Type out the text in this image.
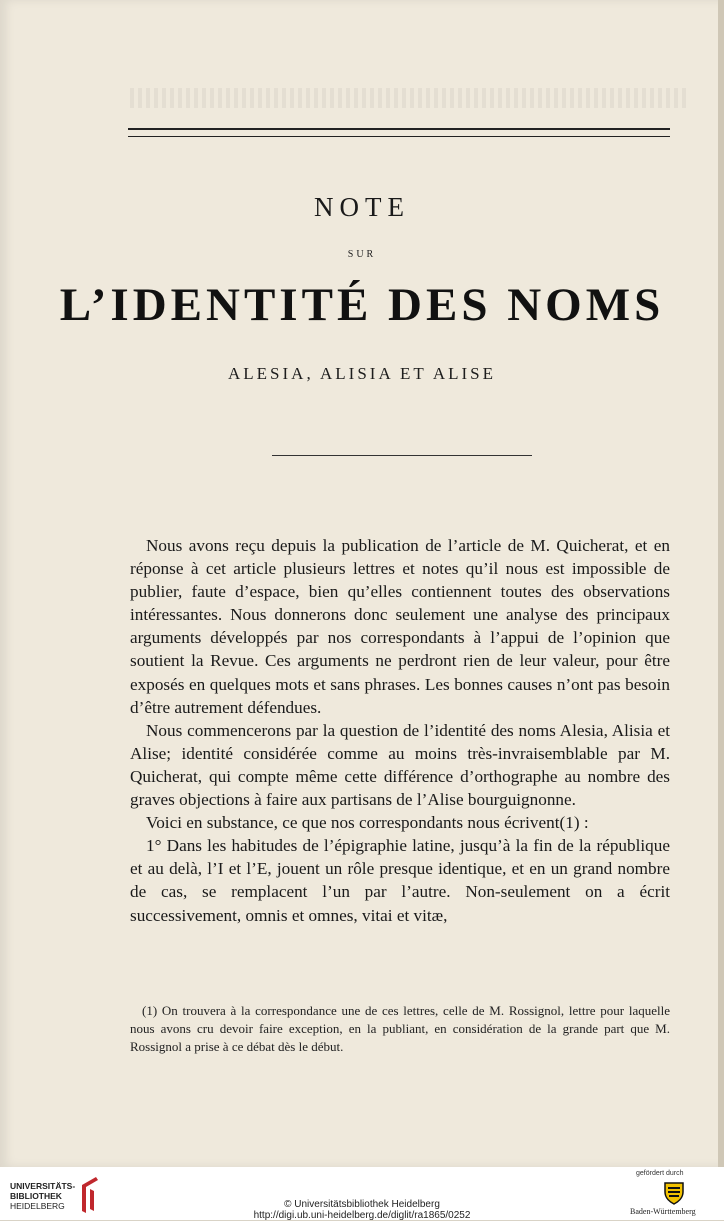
NOTE
SUR
L’IDENTITÉ DES NOMS
ALESIA, ALISIA ET ALISE

Nous avons reçu depuis la publication de l’article de M. Quicherat, et en réponse à cet article plusieurs lettres et notes qu’il nous est impossible de publier, faute d’espace, bien qu’elles contiennent toutes des observations intéressantes. Nous donnerons donc seulement une analyse des principaux arguments développés par nos correspondants à l’appui de l’opinion que soutient la Revue. Ces arguments ne perdront rien de leur valeur, pour être exposés en quelques mots et sans phrases. Les bonnes causes n’ont pas besoin d’être autrement défendues.

Nous commencerons par la question de l’identité des noms Alesia, Alisia et Alise; identité considérée comme au moins très-invraisemblable par M. Quicherat, qui compte même cette différence d’orthographe au nombre des graves objections à faire aux partisans de l’Alise bourguignonne.

Voici en substance, ce que nos correspondants nous écrivent(1) :

1° Dans les habitudes de l’épigraphie latine, jusqu’à la fin de la république et au delà, l’I et l’E, jouent un rôle presque identique, et en un grand nombre de cas, se remplacent l’un par l’autre. Non-seulement on a écrit successivement, omnis et omnes, vitai et vitæ,

(1) On trouvera à la correspondance une de ces lettres, celle de M. Rossignol, lettre pour laquelle nous avons cru devoir faire exception, en la publiant, en considération de la grande part que M. Rossignol a prise à ce débat dès le début.

UNIVERSITÄTS-
BIBLIOTHEK
HEIDELBERG	© Universitätsbibliothek Heidelberg
http://digi.ub.uni-heidelberg.de/diglit/ra1865/0252
gefördert durch
Baden-Württemberg
